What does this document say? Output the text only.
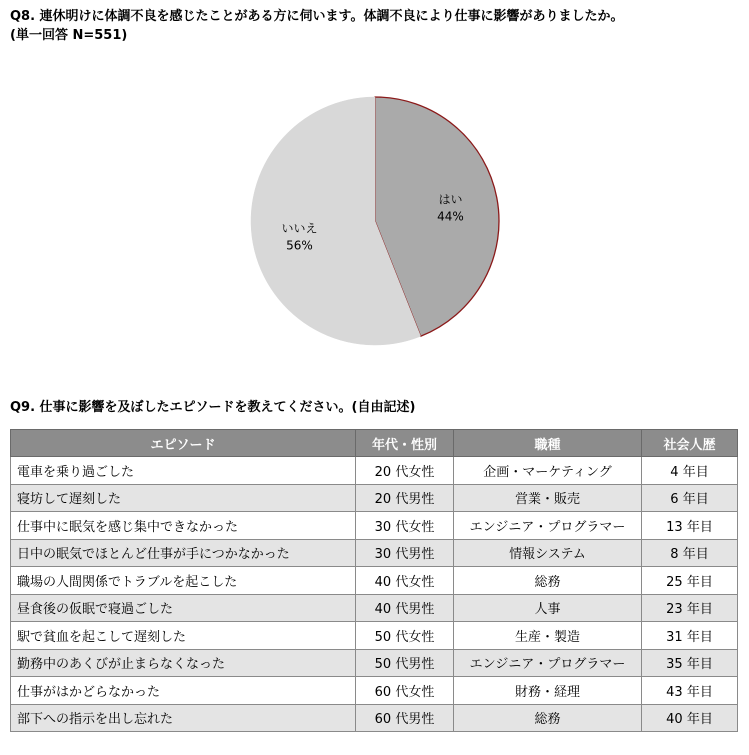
Q8. 連休明けに体調不良を感じたことがある方に伺います。体調不良により仕事に影響がありましたか。
(単一回答 N=551)
はい
44%
いいえ
56%
Q9. 仕事に影響を及ぼしたエピソードを教えてください。(自由記述)
エピソード	年代・性別	職種	社会人歴
電車を乗り過ごした	20 代女性	企画・マーケティング	4 年目
寝坊して遅刻した	20 代男性	営業・販売	6 年目
仕事中に眠気を感じ集中できなかった	30 代女性	エンジニア・プログラマー	13 年目
日中の眠気でほとんど仕事が手につかなかった	30 代男性	情報システム	8 年目
職場の人間関係でトラブルを起こした	40 代女性	総務	25 年目
昼食後の仮眠で寝過ごした	40 代男性	人事	23 年目
駅で貧血を起こして遅刻した	50 代女性	生産・製造	31 年目
勤務中のあくびが止まらなくなった	50 代男性	エンジニア・プログラマー	35 年目
仕事がはかどらなかった	60 代女性	財務・経理	43 年目
部下への指示を出し忘れた	60 代男性	総務	40 年目
